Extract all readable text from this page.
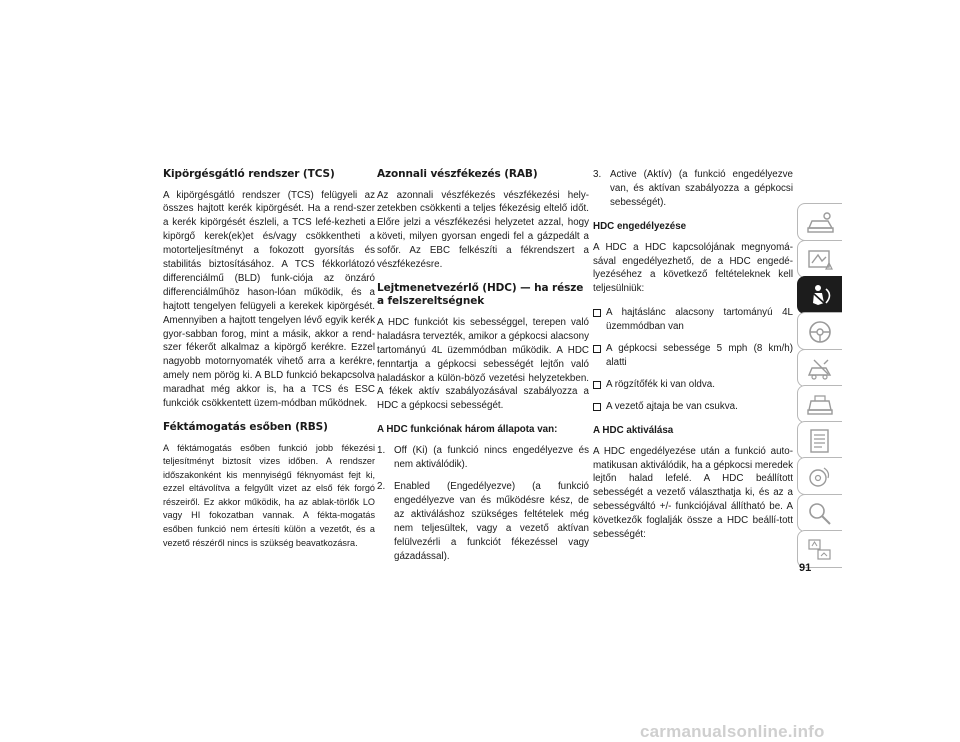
Kipörgésgátló rendszer (TCS)

A kipörgésgátló rendszer (TCS) felügyeli az összes hajtott kerék kipörgését. Ha a rend-szer a kerék kipörgését észleli, a TCS lefé-kezheti a kipörgő kerek(ek)et és/vagy csökkentheti a motorteljesítményt a fokozott gyorsítás és stabilitás biztosításához. A TCS fékkorlátozó differenciálmű (BLD) funk-ciója az önzáró differenciálműhöz hason-lóan működik, és a hajtott tengelyen felügyeli a kerekek kipörgését. Amennyiben a hajtott tengelyen lévő egyik kerék gyor-sabban forog, mint a másik, akkor a rend-szer fékerőt alkalmaz a kipörgő kerékre. Ezzel nagyobb motornyomaték vihető arra a kerékre, amely nem pörög ki. A BLD funkció bekapcsolva maradhat még akkor is, ha a TCS és ESC funkciók csökkentett üzem-módban működnek.

Féktámogatás esőben (RBS)

A féktámogatás esőben funkció jobb fékezési teljesítményt biztosít vizes időben. A rendszer időszakonként kis mennyiségű féknyomást fejt ki, ezzel eltávolítva a felgyűlt vizet az első fék forgó részeiről. Ez akkor működik, ha az ablak-törlők LO vagy HI fokozatban vannak. A fékta-mogatás esőben funkció nem értesíti külön a vezetőt, és a vezető részéről nincs is szükség beavatkozásra.

Azonnali vészfékezés (RAB)

Az azonnali vészfékezés vészfékezési hely-zetekben csökkenti a teljes fékezésig eltelő időt. Előre jelzi a vészfékezési helyzetet azzal, hogy követi, milyen gyorsan engedi fel a gázpedált a sofőr. Az EBC felkészíti a fékrendszert a vészfékezésre.

Lejtmenetvezérlő (HDC) — ha része a felszereltségnek

A HDC funkciót kis sebességgel, terepen való haladásra tervezték, amikor a gépkocsi alacsony tartományú 4L üzemmódban működik. A HDC fenntartja a gépkocsi sebességét lejtőn való haladáskor a külön-böző vezetési helyzetekben. A fékek aktív szabályozásával szabályozza a HDC a gépkocsi sebességét.

A HDC funkciónak három állapota van:
1. Off (Ki) (a funkció nincs engedélyezve és nem aktiválódik).
2. Enabled (Engedélyezve) (a funkció engedélyezve van és működésre kész, de az aktiváláshoz szükséges feltételek még nem teljesültek, vagy a vezető aktívan felülvezérli a funkciót fékezéssel vagy gázadással).
3. Active (Aktív) (a funkció engedélyezve van, és aktívan szabályozza a gépkocsi sebességét).
HDC engedélyezése

A HDC a HDC kapcsolójának megnyomá-sával engedélyezhető, de a HDC engedé-lyezéséhez a következő feltételeknek kell teljesülniük:

A hajtáslánc alacsony tartományú 4L üzemmódban van
A gépkocsi sebessége 5 mph (8 km/h) alatti
A rögzítőfék ki van oldva.
A vezető ajtaja be van csukva.
A HDC aktiválása

A HDC engedélyezése után a funkció auto-matikusan aktiválódik, ha a gépkocsi meredek lejtőn halad lefelé. A HDC beállított sebességét a vezető választhatja ki, és az a sebességváltó +/- funkciójával állítható be. A következők foglalják össze a HDC beállí-tott sebességét:

91
carmanualsonline.info
